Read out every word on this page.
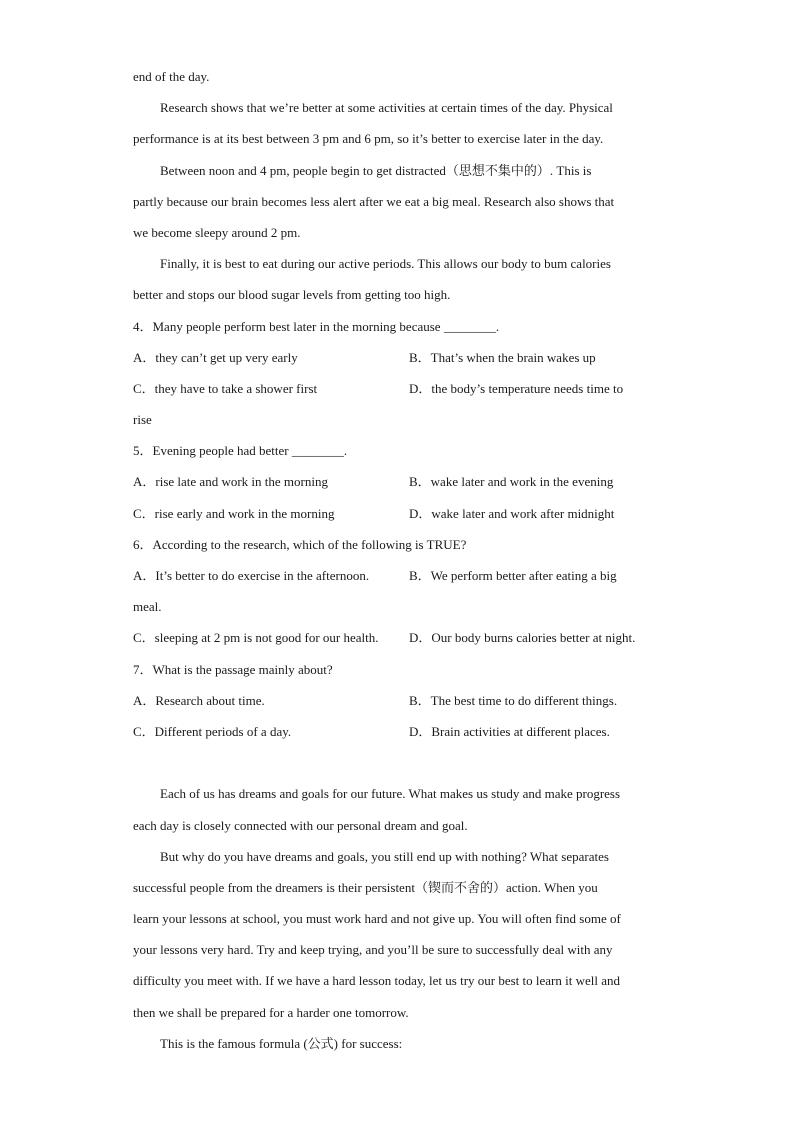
end of the day.
Research shows that we’re better at some activities at certain times of the day. Physical
performance is at its best between 3 pm and 6 pm, so it’s better to exercise later in the day.
Between noon and 4 pm, people begin to get distracted（思想不集中的）. This is
partly because our brain becomes less alert after we eat a big meal. Research also shows that
we become sleepy around 2 pm.
Finally, it is best to eat during our active periods. This allows our body to bum calories
better and stops our blood sugar levels from getting too high.
4．Many people perform best later in the morning because ________.
A．they can’t get up very early	B．That’s when the brain wakes up
C．they have to take a shower first	D．the body’s temperature needs time to
rise
5．Evening people had better ________.
A．rise late and work in the morning	B．wake later and work in the evening
C．rise early and work in the morning	D．wake later and work after midnight
6．According to the research, which of the following is TRUE?
A．It’s better to do exercise in the afternoon.	B．We perform better after eating a big
meal.
C．sleeping at 2 pm is not good for our health.	D．Our body burns calories better at night.
7．What is the passage mainly about?
A．Research about time.	B．The best time to do different things.
C．Different periods of a day.	D．Brain activities at different places.
Each of us has dreams and goals for our future. What makes us study and make progress
each day is closely connected with our personal dream and goal.
But why do you have dreams and goals, you still end up with nothing? What separates
successful people from the dreamers is their persistent（锲而不舍的）action. When you
learn your lessons at school, you must work hard and not give up. You will often find some of
your lessons very hard. Try and keep trying, and you’ll be sure to successfully deal with any
difficulty you meet with. If we have a hard lesson today, let us try our best to learn it well and
then we shall be prepared for a harder one tomorrow.
This is the famous formula (公式) for success:
